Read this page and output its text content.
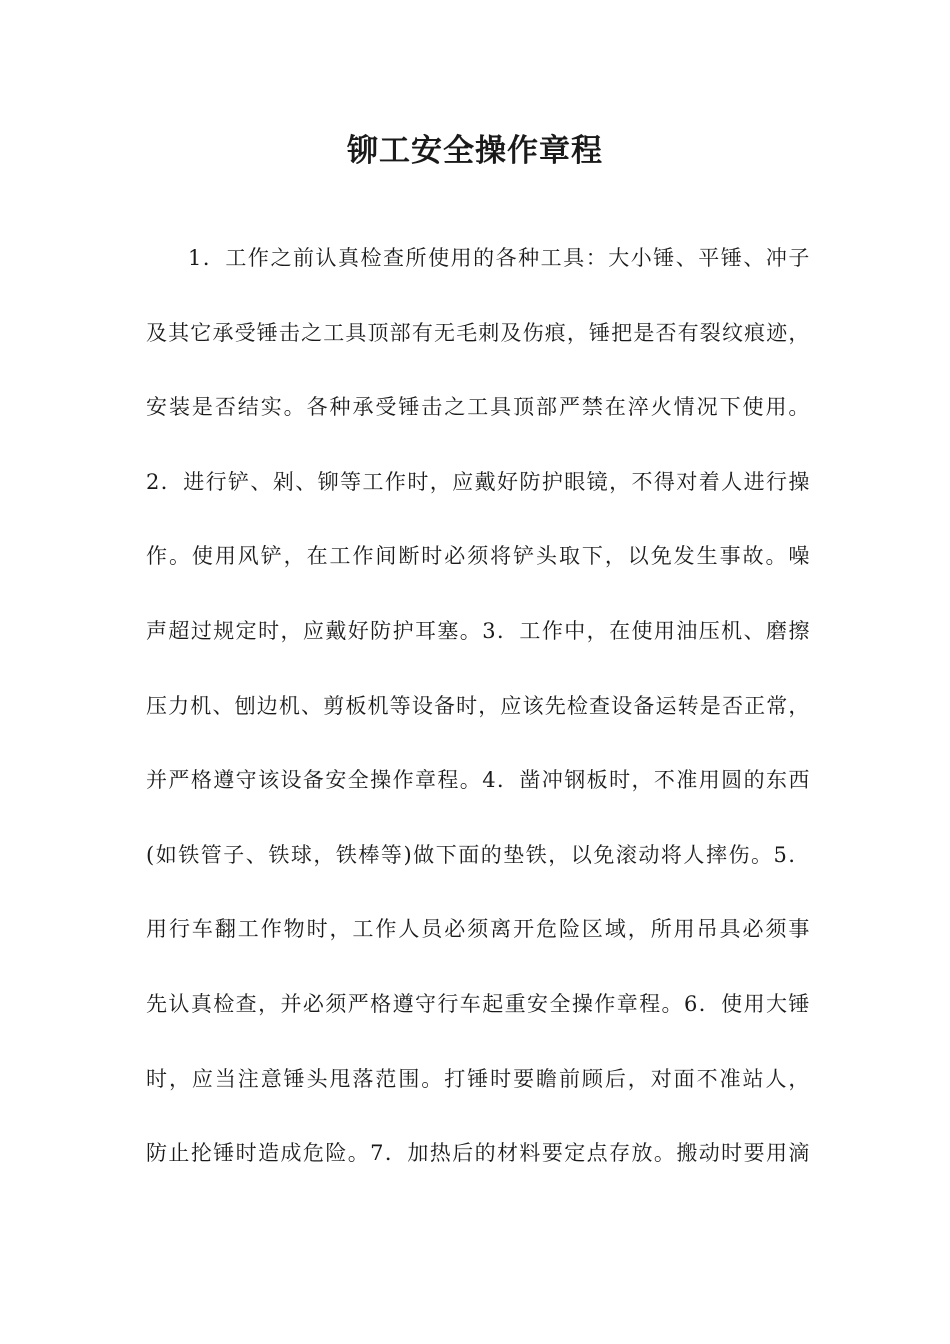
铆工安全操作章程
1．工作之前认真检查所使用的各种工具：大小锤、平锤、冲子
及其它承受锤击之工具顶部有无毛刺及伤痕，锤把是否有裂纹痕迹，
安装是否结实。各种承受锤击之工具顶部严禁在淬火情况下使用。
2．进行铲、剁、铆等工作时，应戴好防护眼镜，不得对着人进行操
作。使用风铲，在工作间断时必须将铲头取下，以免发生事故。噪
声超过规定时，应戴好防护耳塞。3．工作中，在使用油压机、磨擦
压力机、刨边机、剪板机等设备时，应该先检查设备运转是否正常，
并严格遵守该设备安全操作章程。4．凿冲钢板时，不准用圆的东西
(如铁管子、铁球，铁棒等)做下面的垫铁，以免滚动将人摔伤。5．
用行车翻工作物时，工作人员必须离开危险区域，所用吊具必须事
先认真检查，并必须严格遵守行车起重安全操作章程。6．使用大锤
时，应当注意锤头甩落范围。打锤时要瞻前顾后，对面不准站人，
防止抡锤时造成危险。7．加热后的材料要定点存放。搬动时要用滴
